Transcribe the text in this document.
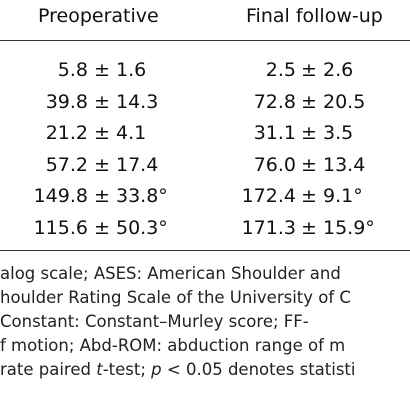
Preoperative	Final follow-up
5.8 ± 1.6	2.5 ± 2.6
39.8 ± 14.3	72.8 ± 20.5
21.2 ± 4.1	31.1 ± 3.5
57.2 ± 17.4	76.0 ± 13.4
149.8 ± 33.8°	172.4 ± 9.1°
115.6 ± 50.3°	171.3 ± 15.9°
alog scale; ASES: American Shoulder and
houlder Rating Scale of the University of C
Constant: Constant–Murley score; FF-
f motion; Abd-ROM: abduction range of m
rate paired t-test; p < 0.05 denotes statisti
